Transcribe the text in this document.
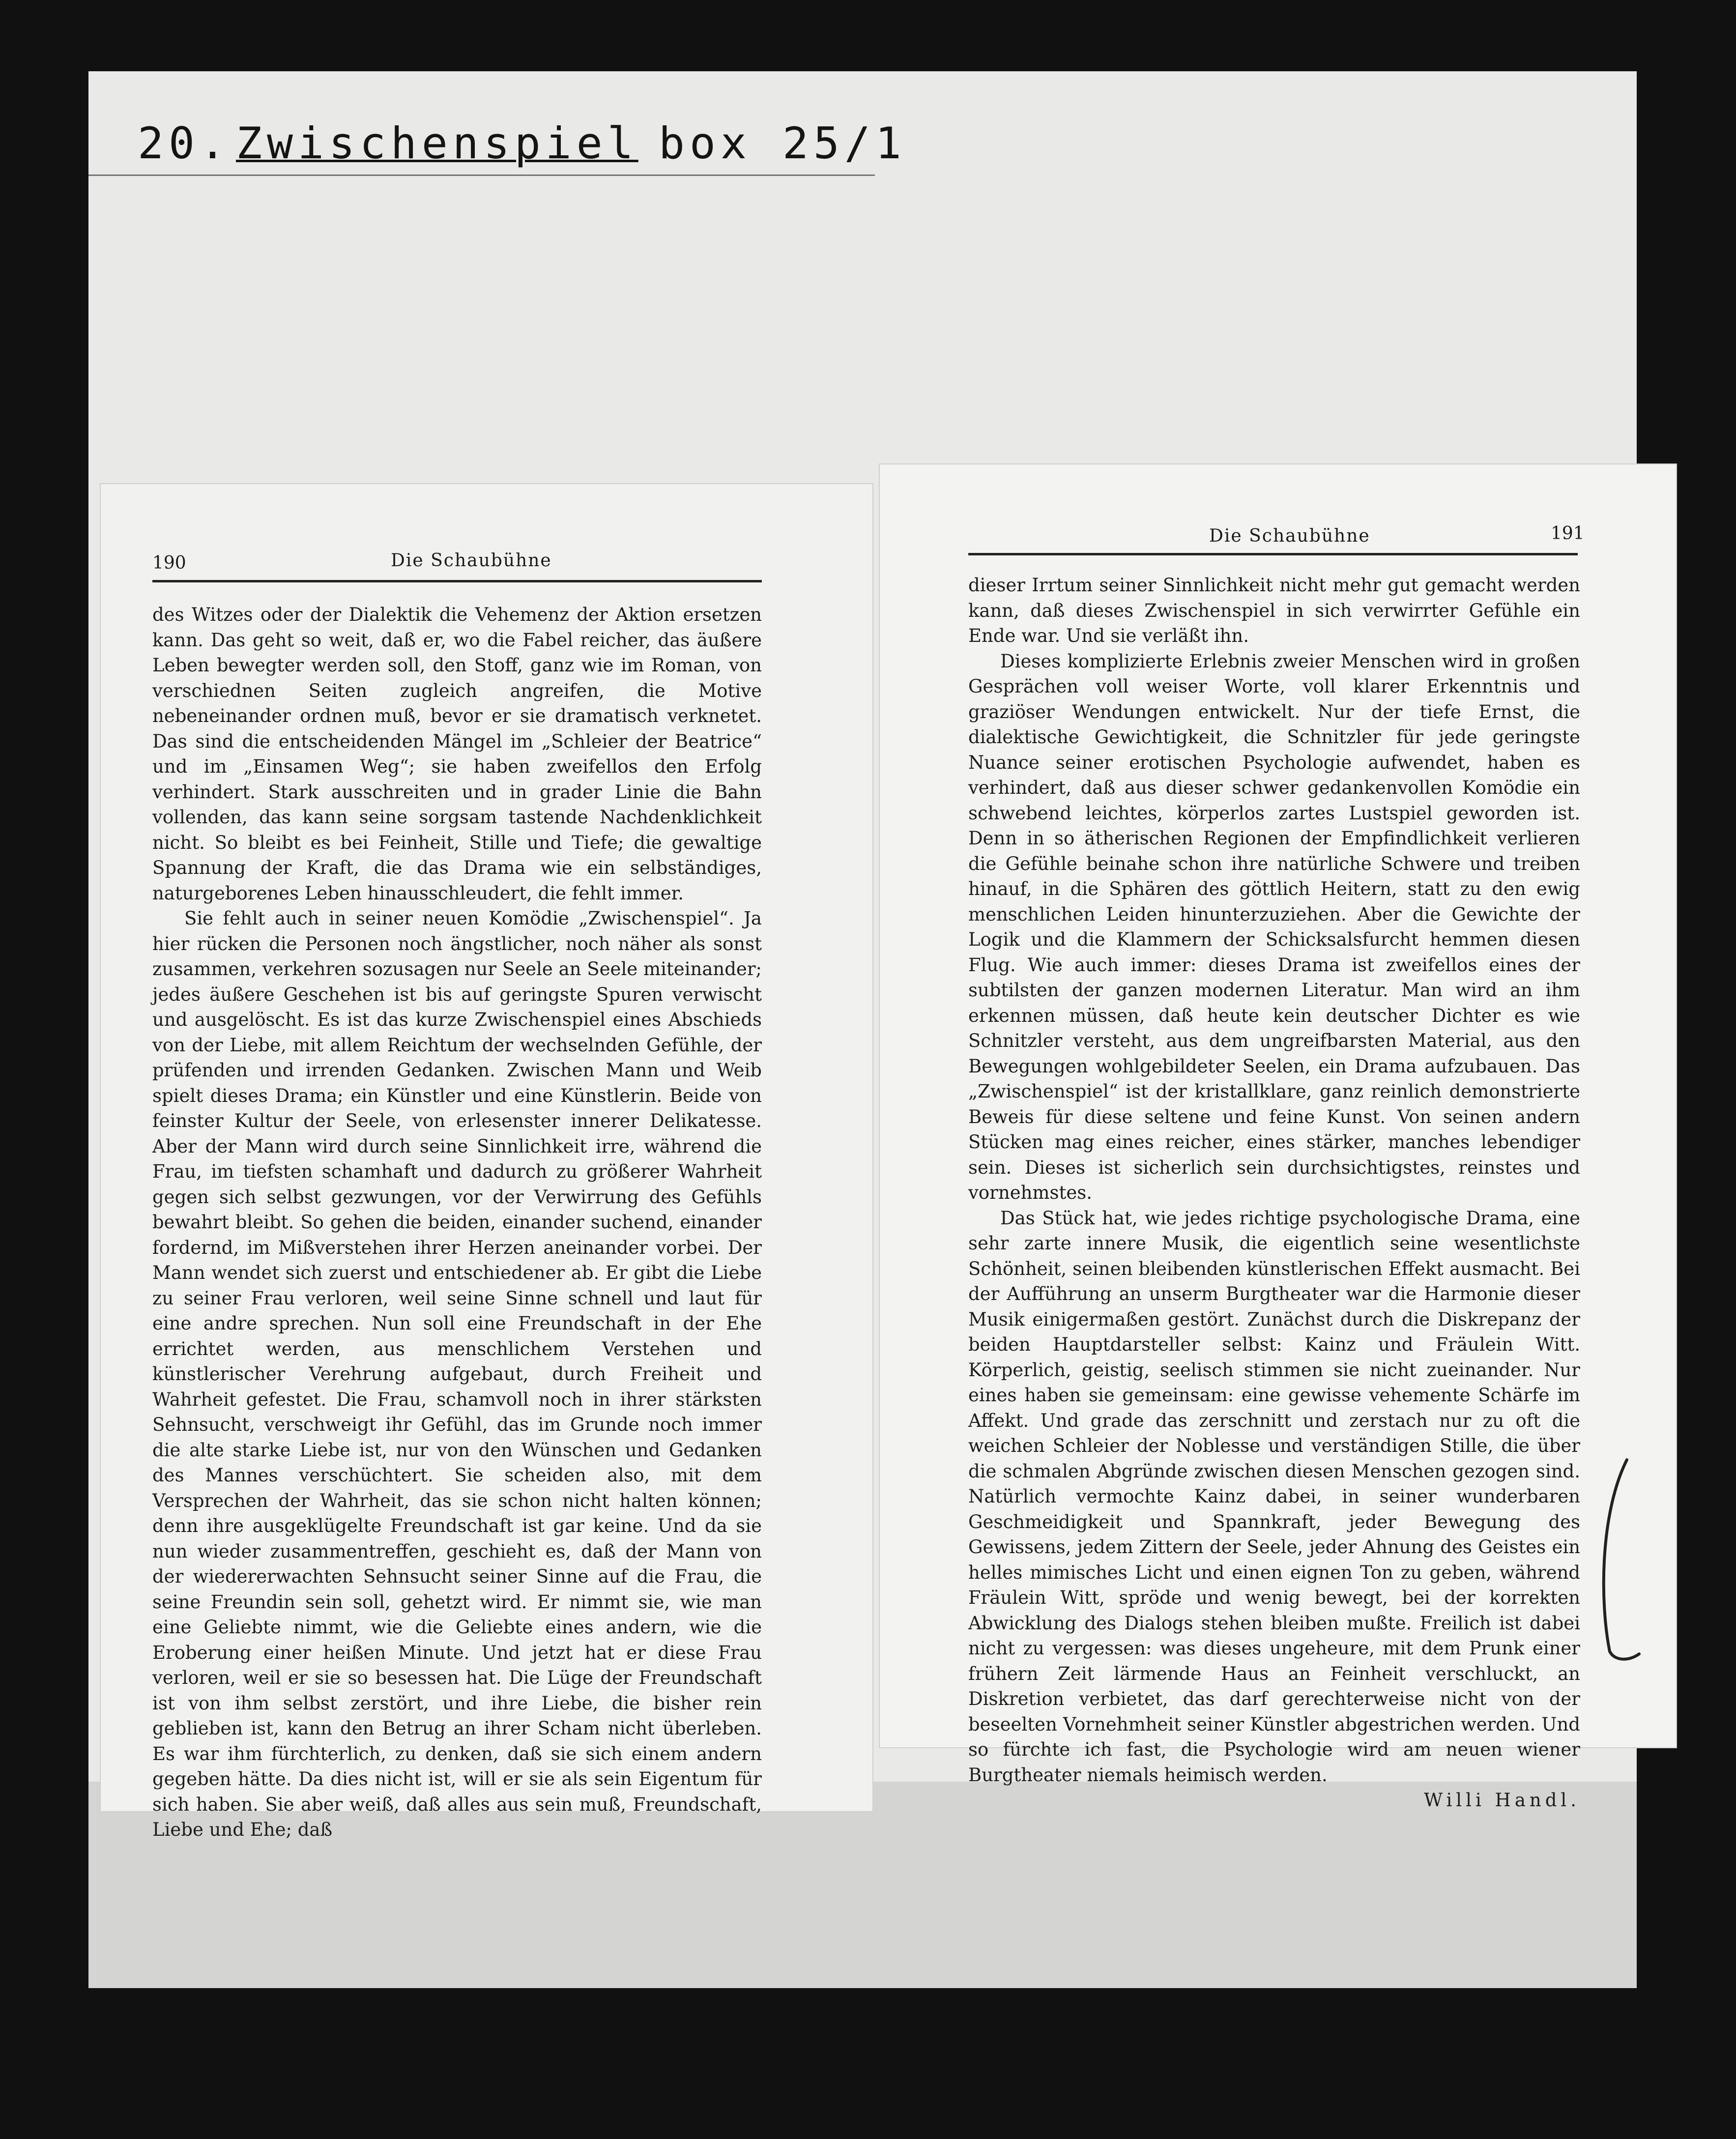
20. Zwischenspiel box 25/1
190	Die Schaubühne

des Witzes oder der Dialektik die Vehemenz der Aktion ersetzen kann. Das geht so weit, daß er, wo die Fabel reicher, das äußere Leben bewegter werden soll, den Stoff, ganz wie im Roman, von verschiednen Seiten zugleich angreifen, die Motive nebeneinander ordnen muß, bevor er sie dramatisch verknetet. Das sind die entscheidenden Mängel im „Schleier der Beatrice“ und im „Einsamen Weg“; sie haben zweifellos den Erfolg verhindert. Stark ausschreiten und in grader Linie die Bahn vollenden, das kann seine sorgsam tastende Nachdenklichkeit nicht. So bleibt es bei Feinheit, Stille und Tiefe; die gewaltige Spannung der Kraft, die das Drama wie ein selbständiges, naturgeborenes Leben hinausschleudert, die fehlt immer.

Sie fehlt auch in seiner neuen Komödie „Zwischenspiel“. Ja hier rücken die Personen noch ängstlicher, noch näher als sonst zusammen, verkehren sozusagen nur Seele an Seele miteinander; jedes äußere Geschehen ist bis auf geringste Spuren verwischt und ausgelöscht. Es ist das kurze Zwischenspiel eines Abschieds von der Liebe, mit allem Reichtum der wechselnden Gefühle, der prüfenden und irrenden Gedanken. Zwischen Mann und Weib spielt dieses Drama; ein Künstler und eine Künstlerin. Beide von feinster Kultur der Seele, von erlesenster innerer Delikatesse. Aber der Mann wird durch seine Sinnlichkeit irre, während die Frau, im tiefsten schamhaft und dadurch zu größerer Wahrheit gegen sich selbst gezwungen, vor der Verwirrung des Gefühls bewahrt bleibt. So gehen die beiden, einander suchend, einander fordernd, im Mißverstehen ihrer Herzen aneinander vorbei. Der Mann wendet sich zuerst und entschiedener ab. Er gibt die Liebe zu seiner Frau verloren, weil seine Sinne schnell und laut für eine andre sprechen. Nun soll eine Freundschaft in der Ehe errichtet werden, aus menschlichem Verstehen und künstlerischer Verehrung aufgebaut, durch Freiheit und Wahrheit gefestet. Die Frau, schamvoll noch in ihrer stärksten Sehnsucht, verschweigt ihr Gefühl, das im Grunde noch immer die alte starke Liebe ist, nur von den Wünschen und Gedanken des Mannes verschüchtert. Sie scheiden also, mit dem Versprechen der Wahrheit, das sie schon nicht halten können; denn ihre ausgeklügelte Freundschaft ist gar keine. Und da sie nun wieder zusammentreffen, geschieht es, daß der Mann von der wiedererwachten Sehnsucht seiner Sinne auf die Frau, die seine Freundin sein soll, gehetzt wird. Er nimmt sie, wie man eine Geliebte nimmt, wie die Geliebte eines andern, wie die Eroberung einer heißen Minute. Und jetzt hat er diese Frau verloren, weil er sie so besessen hat. Die Lüge der Freundschaft ist von ihm selbst zerstört, und ihre Liebe, die bisher rein geblieben ist, kann den Betrug an ihrer Scham nicht überleben. Es war ihm fürchterlich, zu denken, daß sie sich einem andern gegeben hätte. Da dies nicht ist, will er sie als sein Eigentum für sich haben. Sie aber weiß, daß alles aus sein muß, Freundschaft, Liebe und Ehe; daß

Die Schaubühne	191

dieser Irrtum seiner Sinnlichkeit nicht mehr gut gemacht werden kann, daß dieses Zwischenspiel in sich verwirrter Gefühle ein Ende war. Und sie verläßt ihn.

Dieses komplizierte Erlebnis zweier Menschen wird in großen Gesprächen voll weiser Worte, voll klarer Erkenntnis und graziöser Wendungen entwickelt. Nur der tiefe Ernst, die dialektische Gewichtigkeit, die Schnitzler für jede geringste Nuance seiner erotischen Psychologie aufwendet, haben es verhindert, daß aus dieser schwer gedankenvollen Komödie ein schwebend leichtes, körperlos zartes Lustspiel geworden ist. Denn in so ätherischen Regionen der Empfindlichkeit verlieren die Gefühle beinahe schon ihre natürliche Schwere und treiben hinauf, in die Sphären des göttlich Heitern, statt zu den ewig menschlichen Leiden hinunterzuziehen. Aber die Gewichte der Logik und die Klammern der Schicksalsfurcht hemmen diesen Flug. Wie auch immer: dieses Drama ist zweifellos eines der subtilsten der ganzen modernen Literatur. Man wird an ihm erkennen müssen, daß heute kein deutscher Dichter es wie Schnitzler versteht, aus dem ungreifbarsten Material, aus den Bewegungen wohlgebildeter Seelen, ein Drama aufzubauen. Das „Zwischenspiel“ ist der kristallklare, ganz reinlich demonstrierte Beweis für diese seltene und feine Kunst. Von seinen andern Stücken mag eines reicher, eines stärker, manches lebendiger sein. Dieses ist sicherlich sein durchsichtigstes, reinstes und vornehmstes.

Das Stück hat, wie jedes richtige psychologische Drama, eine sehr zarte innere Musik, die eigentlich seine wesentlichste Schönheit, seinen bleibenden künstlerischen Effekt ausmacht. Bei der Aufführung an unserm Burgtheater war die Harmonie dieser Musik einigermaßen gestört. Zunächst durch die Diskrepanz der beiden Hauptdarsteller selbst: Kainz und Fräulein Witt. Körperlich, geistig, seelisch stimmen sie nicht zueinander. Nur eines haben sie gemeinsam: eine gewisse vehemente Schärfe im Affekt. Und grade das zerschnitt und zerstach nur zu oft die weichen Schleier der Noblesse und verständigen Stille, die über die schmalen Abgründe zwischen diesen Menschen gezogen sind. Natürlich vermochte Kainz dabei, in seiner wunderbaren Geschmeidigkeit und Spannkraft, jeder Bewegung des Gewissens, jedem Zittern der Seele, jeder Ahnung des Geistes ein helles mimisches Licht und einen eignen Ton zu geben, während Fräulein Witt, spröde und wenig bewegt, bei der korrekten Abwicklung des Dialogs stehen bleiben mußte. Freilich ist dabei nicht zu vergessen: was dieses ungeheure, mit dem Prunk einer frühern Zeit lärmende Haus an Feinheit verschluckt, an Diskretion verbietet, das darf gerechterweise nicht von der beseelten Vornehmheit seiner Künstler abgestrichen werden. Und so fürchte ich fast, die Psychologie wird am neuen wiener Burgtheater niemals heimisch werden.

Willi Handl.
